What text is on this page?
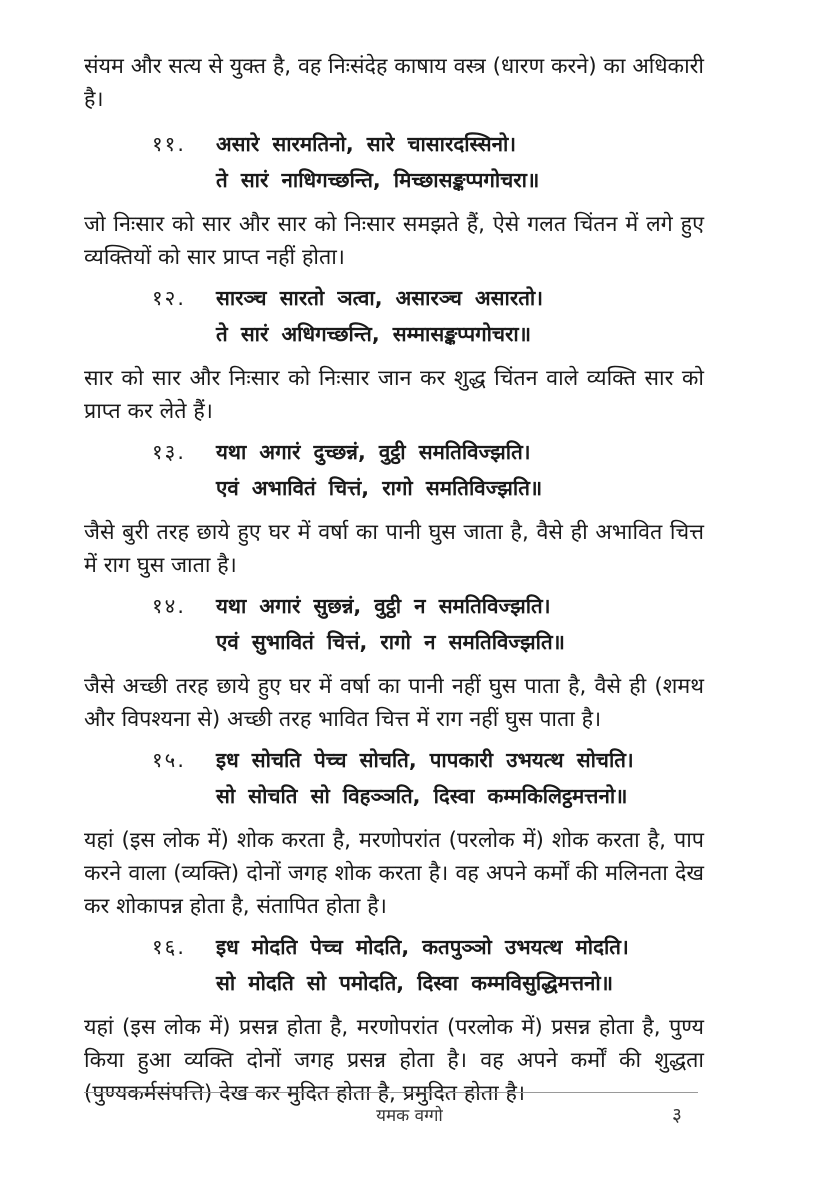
संयम और सत्य से युक्त है, वह निःसंदेह काषाय वस्त्र (धारण करने) का अधिकारी है।

११.	असारे सारमतिनो, सारे चासारदस्सिनो।
ते सारं नाधिगच्छन्ति, मिच्छासङ्कप्पगोचरा॥

जो निःसार को सार और सार को निःसार समझते हैं, ऐसे गलत चिंतन में लगे हुए व्यक्तियों को सार प्राप्त नहीं होता।

१२.	सारञ्च सारतो ञत्वा, असारञ्च असारतो।
ते सारं अधिगच्छन्ति, सम्मासङ्कप्पगोचरा॥

सार को सार और निःसार को निःसार जान कर शुद्ध चिंतन वाले व्यक्ति सार को प्राप्त कर लेते हैं।

१३.	यथा अगारं दुच्छन्नं, वुट्ठी समतिविज्झति।
एवं अभावितं चित्तं, रागो समतिविज्झति॥

जैसे बुरी तरह छाये हुए घर में वर्षा का पानी घुस जाता है, वैसे ही अभावित चित्त में राग घुस जाता है।

१४.	यथा अगारं सुछन्नं, वुट्ठी न समतिविज्झति।
एवं सुभावितं चित्तं, रागो न समतिविज्झति॥

जैसे अच्छी तरह छाये हुए घर में वर्षा का पानी नहीं घुस पाता है, वैसे ही (शमथ और विपश्यना से) अच्छी तरह भावित चित्त में राग नहीं घुस पाता है।

१५.	इध सोचति पेच्च सोचति, पापकारी उभयत्थ सोचति।
सो सोचति सो विहञ्ञति, दिस्वा कम्मकिलिट्ठमत्तनो॥

यहां (इस लोक में) शोक करता है, मरणोपरांत (परलोक में) शोक करता है, पाप करने वाला (व्यक्ति) दोनों जगह शोक करता है। वह अपने कर्मों की मलिनता देख कर शोकापन्न होता है, संतापित होता है।

१६.	इध मोदति पेच्च मोदति, कतपुञ्ञो उभयत्थ मोदति।
सो मोदति सो पमोदति, दिस्वा कम्मविसुद्धिमत्तनो॥

यहां (इस लोक में) प्रसन्न होता है, मरणोपरांत (परलोक में) प्रसन्न होता है, पुण्य किया हुआ व्यक्ति दोनों जगह प्रसन्न होता है। वह अपने कर्मों की शुद्धता (पुण्यकर्मसंपत्ति) देख कर मुदित होता है, प्रमुदित होता है।

यमक वग्गो	३
